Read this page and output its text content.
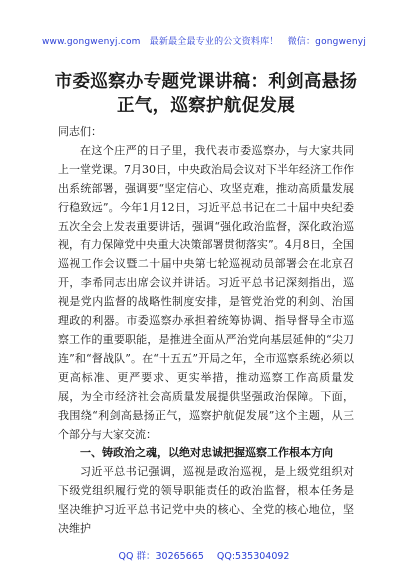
www.gongwenyj.com 最新最全最专业的公文资料库！ 微信：gongwenyj
市委巡察办专题党课讲稿：利剑高悬扬正气，巡察护航促发展

同志们：

在这个庄严的日子里，我代表市委巡察办，与大家共同上一堂党课。7月30日，中央政治局会议对下半年经济工作作出系统部署，强调要“坚定信心、攻坚克难，推动高质量发展行稳致远”。今年1月12日，习近平总书记在二十届中央纪委五次全会上发表重要讲话，强调“强化政治监督，深化政治巡视，有力保障党中央重大决策部署贯彻落实”。4月8日，全国巡视工作会议暨二十届中央第七轮巡视动员部署会在北京召开，李希同志出席会议并讲话。习近平总书记深刻指出，巡视是党内监督的战略性制度安排，是管党治党的利剑、治国理政的利器。市委巡察办承担着统筹协调、指导督导全市巡察工作的重要职能，是推进全面从严治党向基层延伸的“尖刀连”和“督战队”。在“十五五”开局之年，全市巡察系统必须以更高标准、更严要求、更实举措，推动巡察工作高质量发展，为全市经济社会高质量发展提供坚强政治保障。下面，我围绕“利剑高悬扬正气，巡察护航促发展”这个主题，从三个部分与大家交流：

一、铸政治之魂，以绝对忠诚把握巡察工作根本方向

习近平总书记强调，巡视是政治巡视，是上级党组织对下级党组织履行党的领导职能责任的政治监督，根本任务是坚决维护习近平总书记党中央的核心、全党的核心地位，坚决维护

QQ 群：30265665 QQ:535304092
